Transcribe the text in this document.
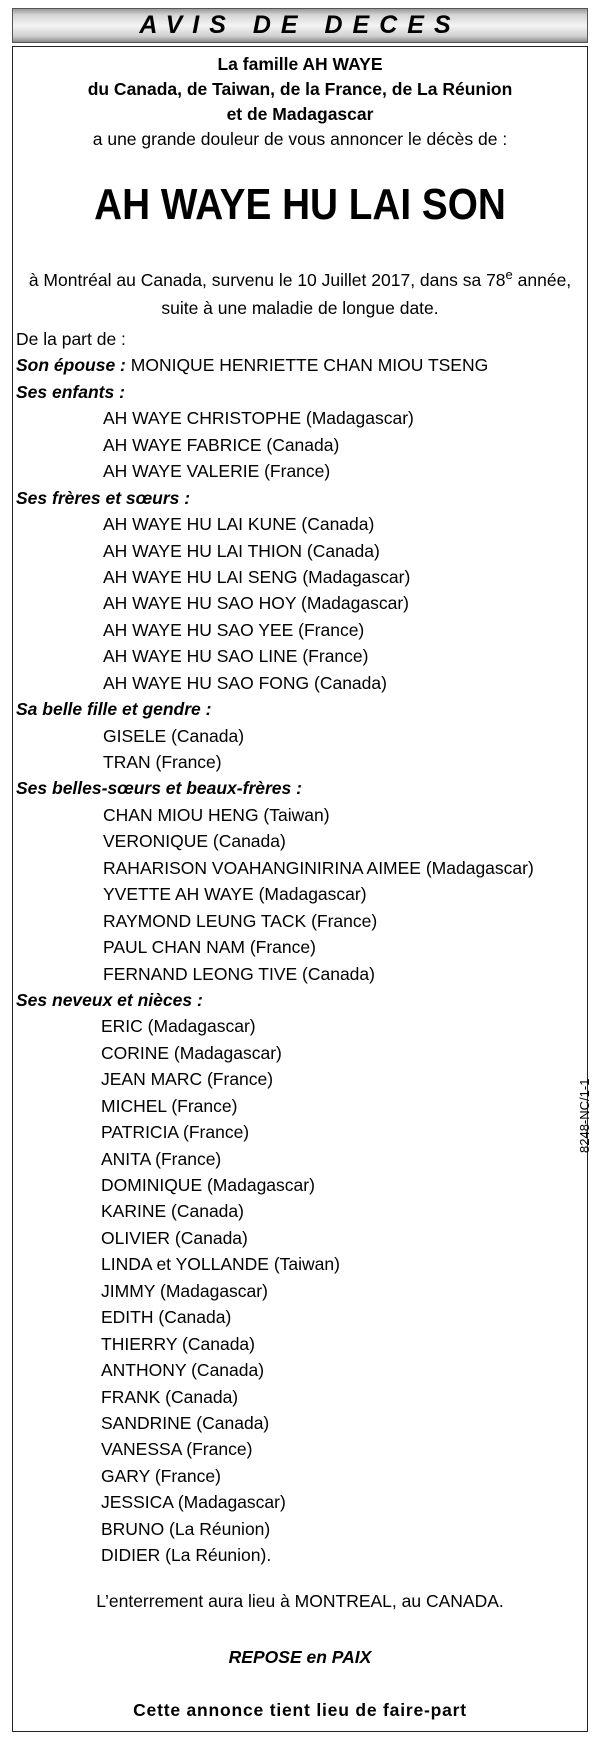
AVIS DE DECES
La famille AH WAYE
du Canada, de Taiwan, de la France, de La Réunion
et de Madagascar
a une grande douleur de vous annoncer le décès de :
AH WAYE HU LAI SON
à Montréal au Canada, survenu le 10 Juillet 2017, dans sa 78e année,
suite à une maladie de longue date.
De la part de :
Son épouse : MONIQUE HENRIETTE CHAN MIOU TSENG
Ses enfants :
AH WAYE CHRISTOPHE (Madagascar)
AH WAYE FABRICE (Canada)
AH WAYE VALERIE (France)
Ses frères et sœurs :
AH WAYE HU LAI KUNE (Canada)
AH WAYE HU LAI THION (Canada)
AH WAYE HU LAI SENG (Madagascar)
AH WAYE HU SAO HOY (Madagascar)
AH WAYE HU SAO YEE (France)
AH WAYE HU SAO LINE (France)
AH WAYE HU SAO FONG (Canada)
Sa belle fille et gendre :
GISELE (Canada)
TRAN (France)
Ses belles-sœurs et beaux-frères :
CHAN MIOU HENG (Taiwan)
VERONIQUE (Canada)
RAHARISON VOAHANGINIRINA AIMEE (Madagascar)
YVETTE AH WAYE (Madagascar)
RAYMOND LEUNG TACK (France)
PAUL CHAN NAM (France)
FERNAND LEONG TIVE (Canada)
Ses neveux et nièces :
ERIC (Madagascar)
CORINE (Madagascar)
JEAN MARC (France)
MICHEL (France)
PATRICIA (France)
ANITA (France)
DOMINIQUE (Madagascar)
KARINE (Canada)
OLIVIER (Canada)
LINDA et YOLLANDE (Taiwan)
JIMMY (Madagascar)
EDITH (Canada)
THIERRY (Canada)
ANTHONY (Canada)
FRANK (Canada)
SANDRINE (Canada)
VANESSA (France)
GARY (France)
JESSICA (Madagascar)
BRUNO (La Réunion)
DIDIER (La Réunion).
8248-NC/1-1
L’enterrement aura lieu à MONTREAL, au CANADA.
REPOSE en PAIX
Cette annonce tient lieu de faire-part
